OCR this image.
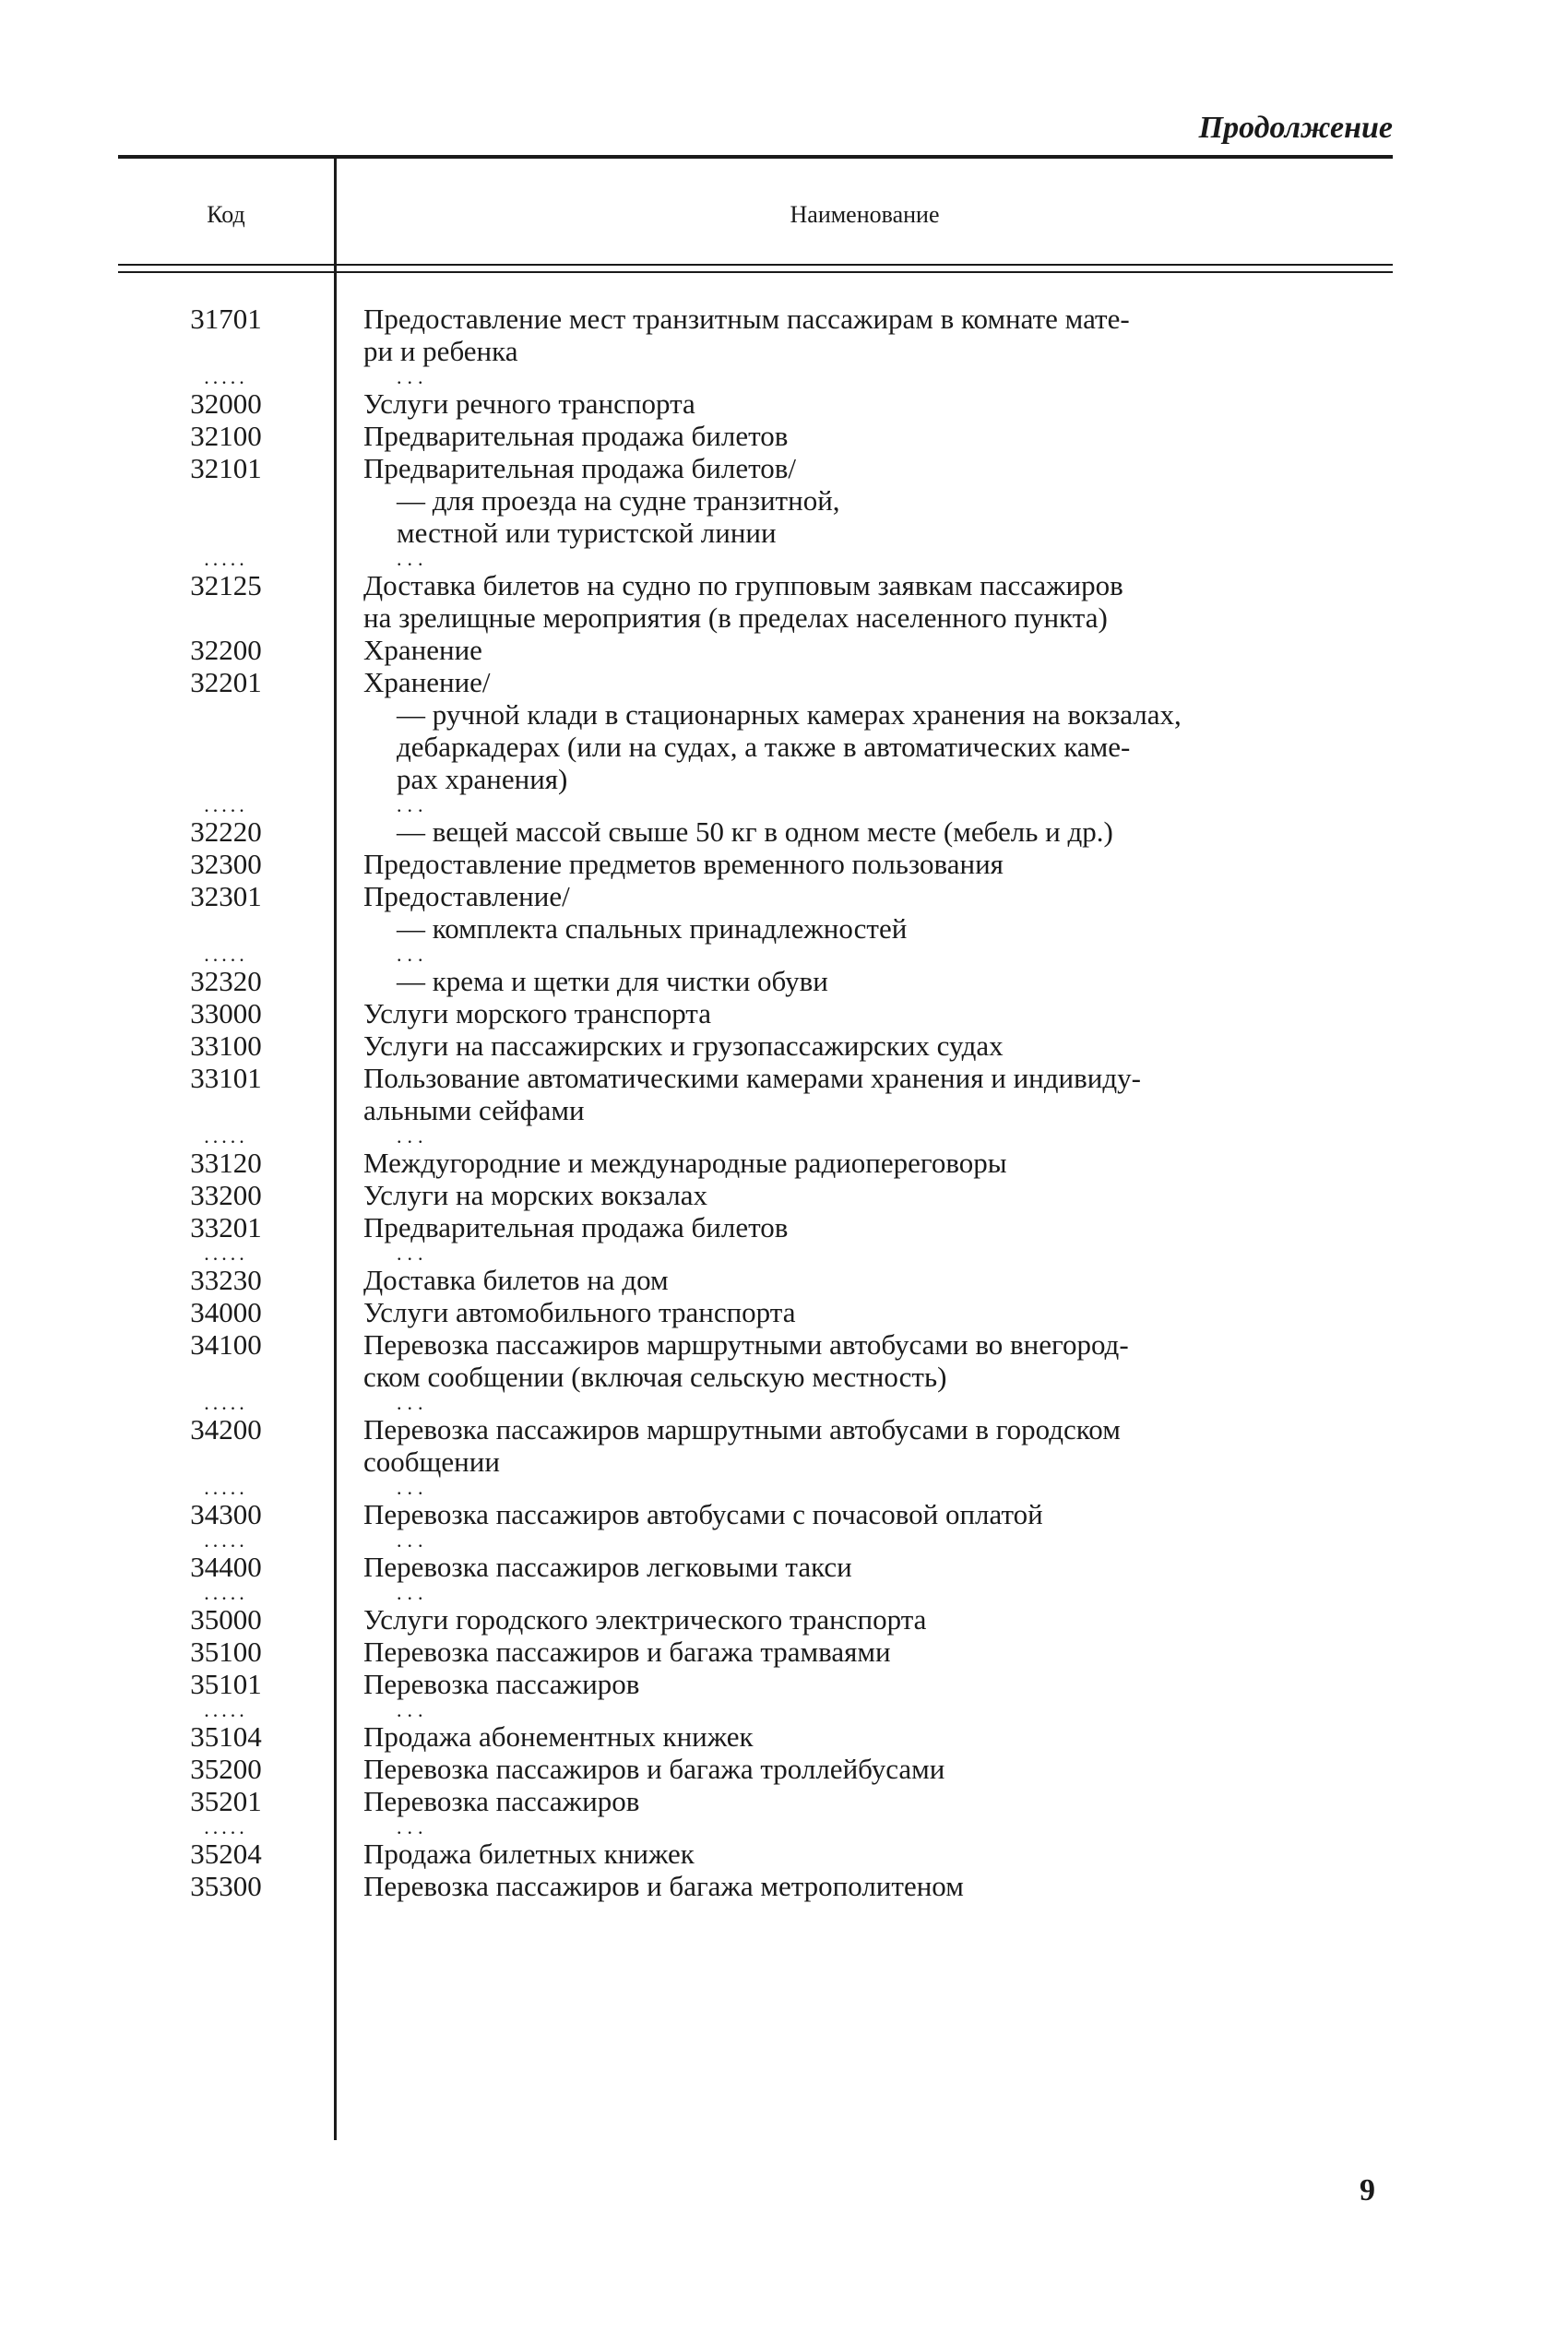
Продолжение
Код	Наименование
31701	Предоставление мест транзитным пассажирам в комнате мате-
ри и ребенка
.....	...
32000	Услуги речного транспорта
32100	Предварительная продажа билетов
32101	Предварительная продажа билетов/
— для проезда на судне транзитной,
местной или туристской линии
.....	...
32125	Доставка билетов на судно по групповым заявкам пассажиров
на зрелищные мероприятия (в пределах населенного пункта)
32200	Хранение
32201	Хранение/
— ручной клади в стационарных камерах хранения на вокзалах,
дебаркадерах (или на судах, а также в автоматических каме-
рах хранения)
.....	...
32220	— вещей массой свыше 50 кг в одном месте (мебель и др.)
32300	Предоставление предметов временного пользования
32301	Предоставление/
— комплекта спальных принадлежностей
.....	...
32320	— крема и щетки для чистки обуви
33000	Услуги морского транспорта
33100	Услуги на пассажирских и грузопассажирских судах
33101	Пользование автоматическими камерами хранения и индивиду-
альными сейфами
.....	...
33120	Междугородние и международные радиопереговоры
33200	Услуги на морских вокзалах
33201	Предварительная продажа билетов
.....	...
33230	Доставка билетов на дом
34000	Услуги автомобильного транспорта
34100	Перевозка пассажиров маршрутными автобусами во внегород-
ском сообщении (включая сельскую местность)
.....	...
34200	Перевозка пассажиров маршрутными автобусами в городском
сообщении
.....	...
34300	Перевозка пассажиров автобусами с почасовой оплатой
.....	...
34400	Перевозка пассажиров легковыми такси
.....	...
35000	Услуги городского электрического транспорта
35100	Перевозка пассажиров и багажа трамваями
35101	Перевозка пассажиров
.....	...
35104	Продажа абонементных книжек
35200	Перевозка пассажиров и багажа троллейбусами
35201	Перевозка пассажиров
.....	...
35204	Продажа билетных книжек
35300	Перевозка пассажиров и багажа метрополитеном
9
